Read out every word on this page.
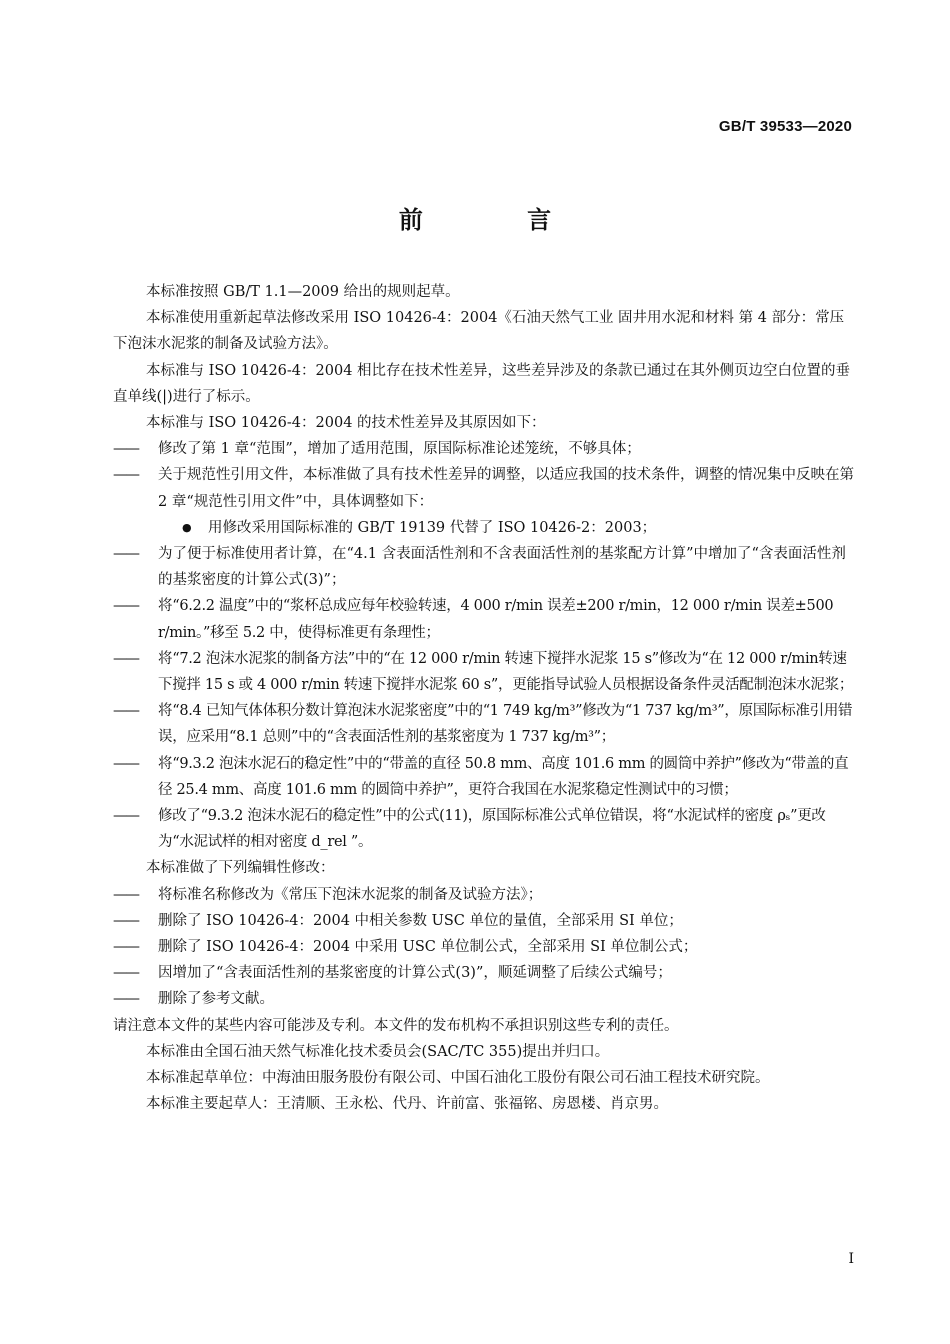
GB/T 39533—2020
前 言

本标准按照 GB/T 1.1—2009 给出的规则起草。

本标准使用重新起草法修改采用 ISO 10426-4：2004《石油天然气工业 固井用水泥和材料 第 4 部分：常压下泡沫水泥浆的制备及试验方法》。

本标准与 ISO 10426-4：2004 相比存在技术性差异，这些差异涉及的条款已通过在其外侧页边空白位置的垂直单线(|)进行了标示。

本标准与 ISO 10426-4：2004 的技术性差异及其原因如下：

——	修改了第 1 章“范围”，增加了适用范围，原国际标准论述笼统，不够具体；
——	关于规范性引用文件，本标准做了具有技术性差异的调整，以适应我国的技术条件，调整的情况集中反映在第 2 章“规范性引用文件”中，具体调整如下：
●	用修改采用国际标准的 GB/T 19139 代替了 ISO 10426-2：2003；
——	为了便于标准使用者计算，在“4.1 含表面活性剂和不含表面活性剂的基浆配方计算”中增加了“含表面活性剂的基浆密度的计算公式(3)”；
——	将“6.2.2 温度”中的“浆杯总成应每年校验转速，4 000 r/min 误差±200 r/min，12 000 r/min 误差±500 r/min。”移至 5.2 中，使得标准更有条理性；
——	将“7.2 泡沫水泥浆的制备方法”中的“在 12 000 r/min 转速下搅拌水泥浆 15 s”修改为“在 12 000 r/min转速下搅拌 15 s 或 4 000 r/min 转速下搅拌水泥浆 60 s”，更能指导试验人员根据设备条件灵活配制泡沫水泥浆；
——	将“8.4 已知气体体积分数计算泡沫水泥浆密度”中的“1 749 kg/m³”修改为“1 737 kg/m³”，原国际标准引用错误，应采用“8.1 总则”中的“含表面活性剂的基浆密度为 1 737 kg/m³”；
——	将“9.3.2 泡沫水泥石的稳定性”中的“带盖的直径 50.8 mm、高度 101.6 mm 的圆筒中养护”修改为“带盖的直径 25.4 mm、高度 101.6 mm 的圆筒中养护”，更符合我国在水泥浆稳定性测试中的习惯；
——	修改了“9.3.2 泡沫水泥石的稳定性”中的公式(11)，原国际标准公式单位错误，将“水泥试样的密度 ρₛ”更改为“水泥试样的相对密度 d_rel ”。

本标准做了下列编辑性修改：

——	将标准名称修改为《常压下泡沫水泥浆的制备及试验方法》；
——	删除了 ISO 10426-4：2004 中相关参数 USC 单位的量值，全部采用 SI 单位；
——	删除了 ISO 10426-4：2004 中采用 USC 单位制公式，全部采用 SI 单位制公式；
——	因增加了“含表面活性剂的基浆密度的计算公式(3)”，顺延调整了后续公式编号；
——	删除了参考文献。

请注意本文件的某些内容可能涉及专利。本文件的发布机构不承担识别这些专利的责任。

本标准由全国石油天然气标准化技术委员会(SAC/TC 355)提出并归口。

本标准起草单位：中海油田服务股份有限公司、中国石油化工股份有限公司石油工程技术研究院。

本标准主要起草人：王清顺、王永松、代丹、许前富、张福铭、房恩楼、肖京男。

I
